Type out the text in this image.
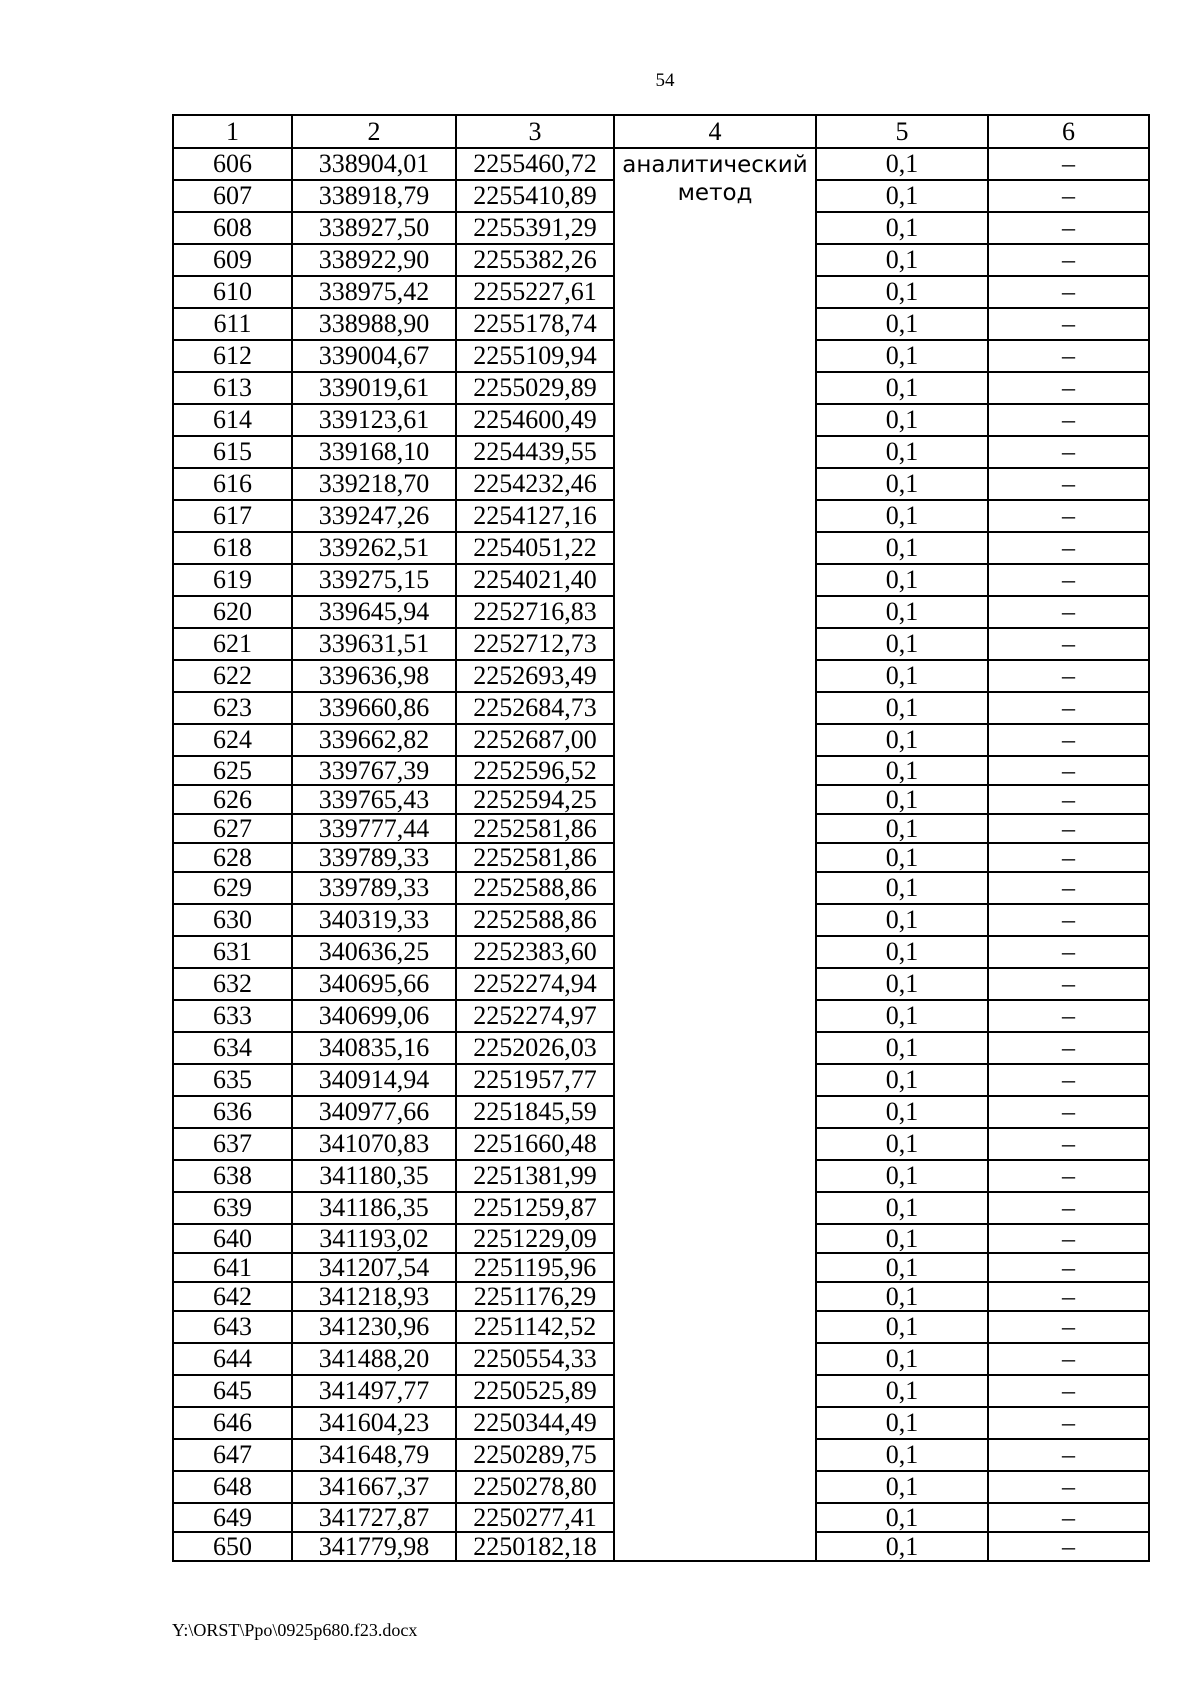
54
1	2	3	4	5	6
606	338904,01	2255460,72	аналитический метод	0,1	–
607	338918,79	2255410,89		0,1	–
608	338927,50	2255391,29		0,1	–
609	338922,90	2255382,26		0,1	–
610	338975,42	2255227,61		0,1	–
611	338988,90	2255178,74		0,1	–
612	339004,67	2255109,94		0,1	–
613	339019,61	2255029,89		0,1	–
614	339123,61	2254600,49		0,1	–
615	339168,10	2254439,55		0,1	–
616	339218,70	2254232,46		0,1	–
617	339247,26	2254127,16		0,1	–
618	339262,51	2254051,22		0,1	–
619	339275,15	2254021,40		0,1	–
620	339645,94	2252716,83		0,1	–
621	339631,51	2252712,73		0,1	–
622	339636,98	2252693,49		0,1	–
623	339660,86	2252684,73		0,1	–
624	339662,82	2252687,00		0,1	–
625	339767,39	2252596,52		0,1	–
626	339765,43	2252594,25		0,1	–
627	339777,44	2252581,86		0,1	–
628	339789,33	2252581,86		0,1	–
629	339789,33	2252588,86		0,1	–
630	340319,33	2252588,86		0,1	–
631	340636,25	2252383,60		0,1	–
632	340695,66	2252274,94		0,1	–
633	340699,06	2252274,97		0,1	–
634	340835,16	2252026,03		0,1	–
635	340914,94	2251957,77		0,1	–
636	340977,66	2251845,59		0,1	–
637	341070,83	2251660,48		0,1	–
638	341180,35	2251381,99		0,1	–
639	341186,35	2251259,87		0,1	–
640	341193,02	2251229,09		0,1	–
641	341207,54	2251195,96		0,1	–
642	341218,93	2251176,29		0,1	–
643	341230,96	2251142,52		0,1	–
644	341488,20	2250554,33		0,1	–
645	341497,77	2250525,89		0,1	–
646	341604,23	2250344,49		0,1	–
647	341648,79	2250289,75		0,1	–
648	341667,37	2250278,80		0,1	–
649	341727,87	2250277,41		0,1	–
650	341779,98	2250182,18		0,1	–
Y:\ORST\Ppo\0925p680.f23.docx
